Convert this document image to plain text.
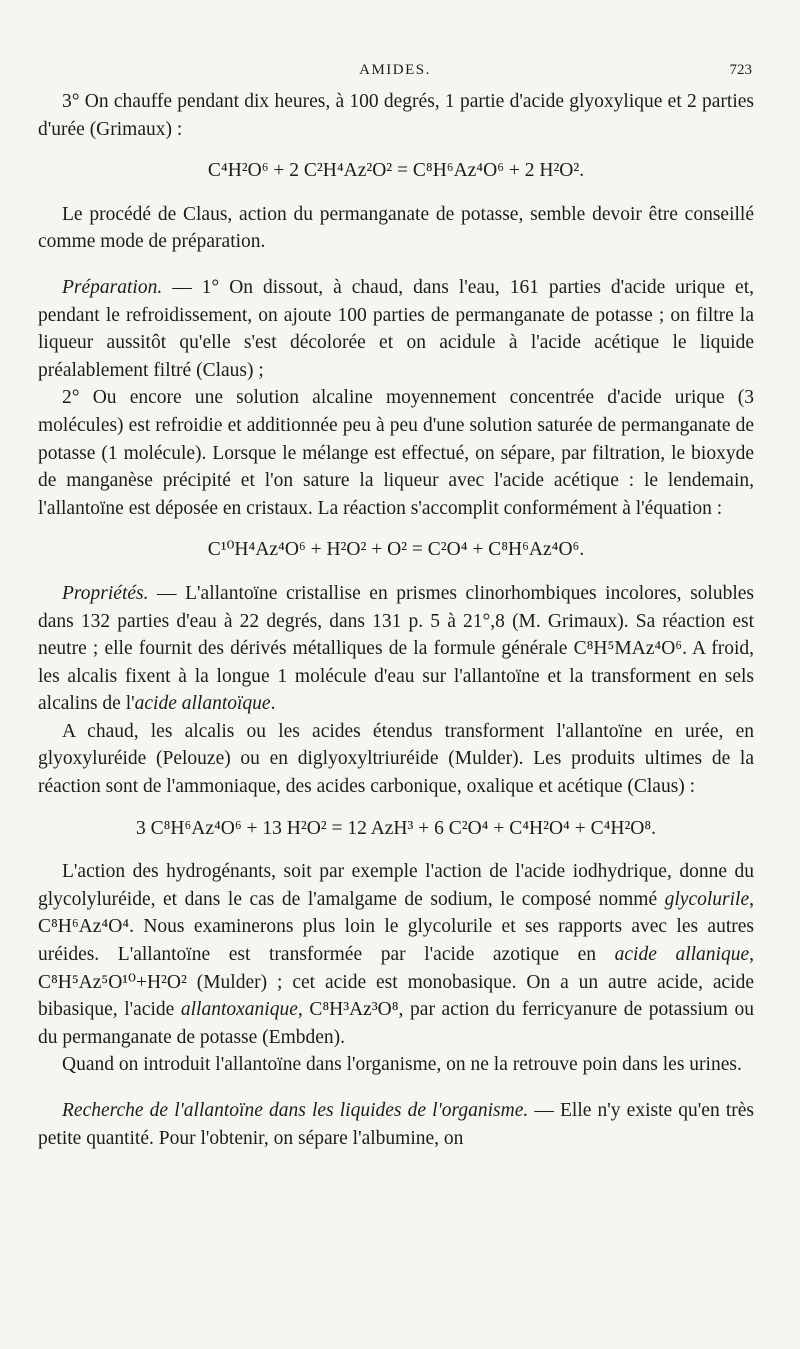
AMIDES.	723

3° On chauffe pendant dix heures, à 100 degrés, 1 partie d'acide glyoxylique et 2 parties d'urée (Grimaux) :

C⁴H²O⁶ + 2 C²H⁴Az²O² = C⁸H⁶Az⁴O⁶ + 2 H²O².

Le procédé de Claus, action du permanganate de potasse, semble devoir être conseillé comme mode de préparation.

Préparation. — 1° On dissout, à chaud, dans l'eau, 161 parties d'acide urique et, pendant le refroidissement, on ajoute 100 parties de permanganate de potasse ; on filtre la liqueur aussitôt qu'elle s'est décolorée et on acidule à l'acide acétique le liquide préalablement filtré (Claus) ;

2° Ou encore une solution alcaline moyennement concentrée d'acide urique (3 molécules) est refroidie et additionnée peu à peu d'une solution saturée de permanganate de potasse (1 molécule). Lorsque le mélange est effectué, on sépare, par filtration, le bioxyde de manganèse précipité et l'on sature la liqueur avec l'acide acétique : le lendemain, l'allantoïne est déposée en cristaux. La réaction s'accomplit conformément à l'équation :

C¹⁰H⁴Az⁴O⁶ + H²O² + O² = C²O⁴ + C⁸H⁶Az⁴O⁶.

Propriétés. — L'allantoïne cristallise en prismes clinorhombiques incolores, solubles dans 132 parties d'eau à 22 degrés, dans 131 p. 5 à 21°,8 (M. Grimaux). Sa réaction est neutre ; elle fournit des dérivés métalliques de la formule générale C⁸H⁵MAz⁴O⁶. A froid, les alcalis fixent à la longue 1 molécule d'eau sur l'allantoïne et la transforment en sels alcalins de l'acide allantoïque.

A chaud, les alcalis ou les acides étendus transforment l'allantoïne en urée, en glyoxyluréide (Pelouze) ou en diglyoxyltriuréide (Mulder). Les produits ultimes de la réaction sont de l'ammoniaque, des acides carbonique, oxalique et acétique (Claus) :

3 C⁸H⁶Az⁴O⁶ + 13 H²O² = 12 AzH³ + 6 C²O⁴ + C⁴H²O⁴ + C⁴H²O⁸.

L'action des hydrogénants, soit par exemple l'action de l'acide iodhydrique, donne du glycolyluréide, et dans le cas de l'amalgame de sodium, le composé nommé glycolurile, C⁸H⁶Az⁴O⁴. Nous examinerons plus loin le glycolurile et ses rapports avec les autres uréides. L'allantoïne est transformée par l'acide azotique en acide allanique, C⁸H⁵Az⁵O¹⁰+H²O² (Mulder) ; cet acide est monobasique. On a un autre acide, acide bibasique, l'acide allantoxanique, C⁸H³Az³O⁸, par action du ferricyanure de potassium ou du permanganate de potasse (Embden).

Quand on introduit l'allantoïne dans l'organisme, on ne la retrouve poin dans les urines.

Recherche de l'allantoïne dans les liquides de l'organisme. — Elle n'y existe qu'en très petite quantité. Pour l'obtenir, on sépare l'albumine, on
